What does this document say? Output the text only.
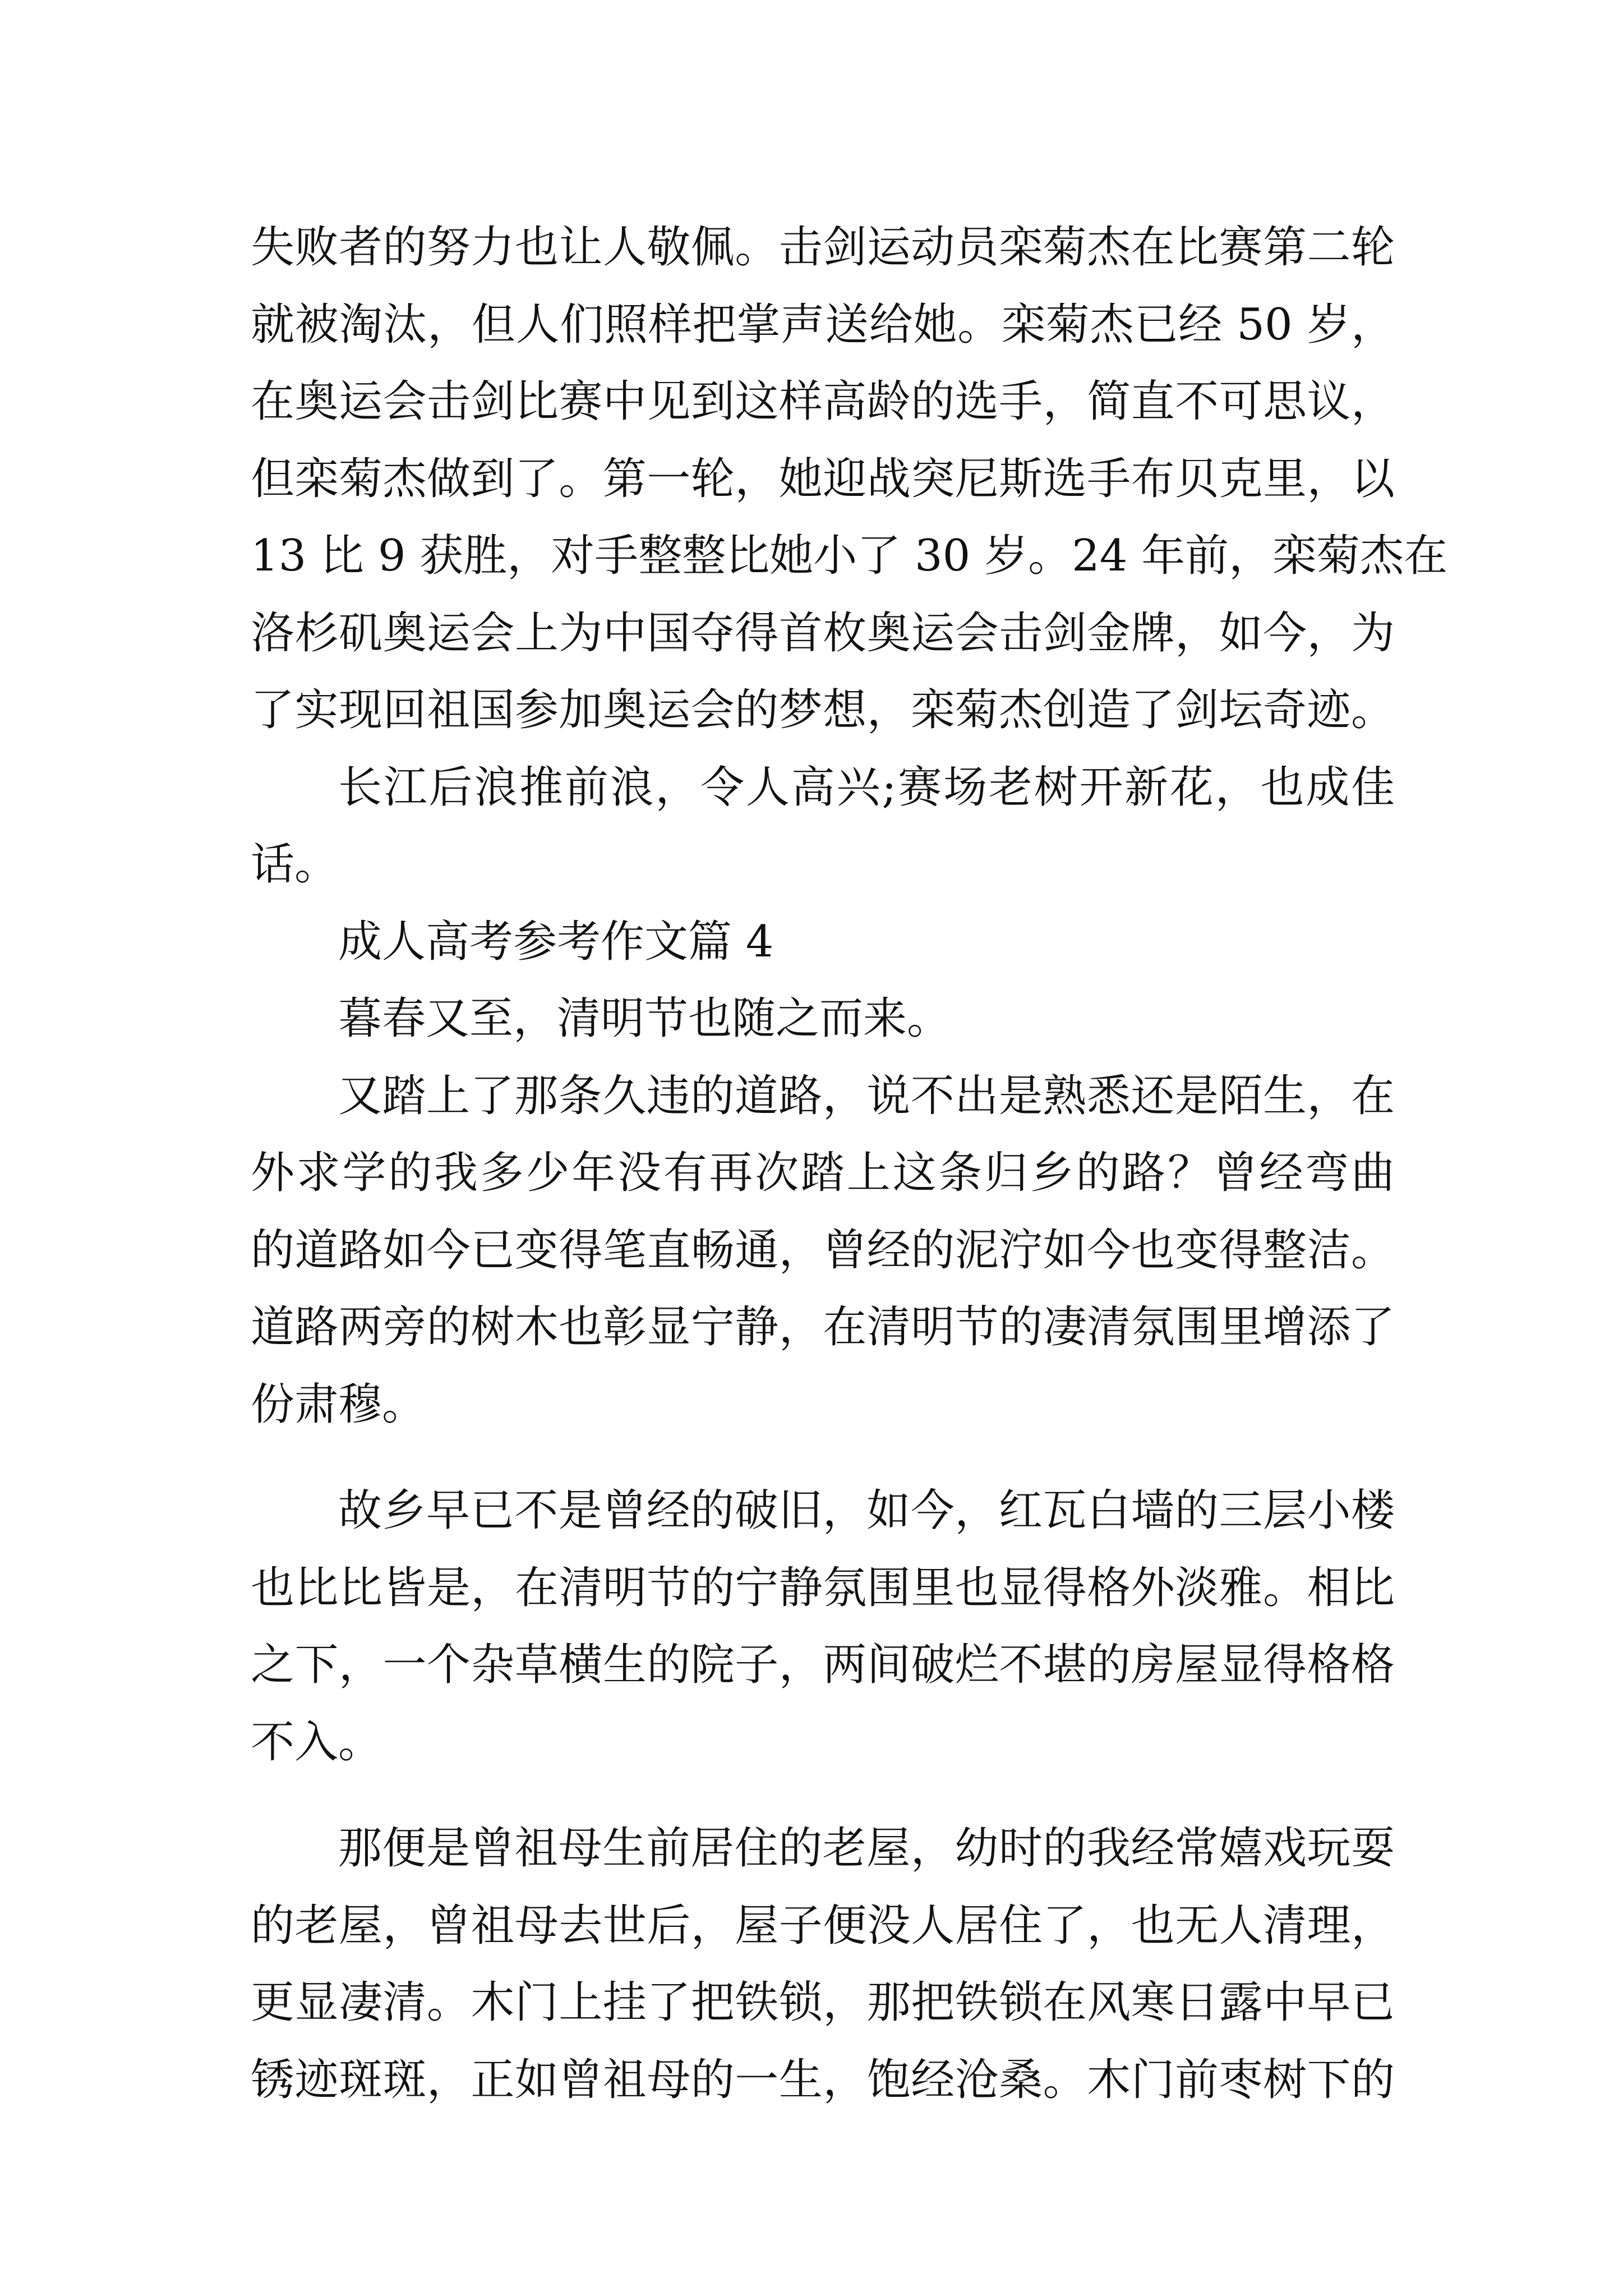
失败者的努力也让人敬佩。击剑运动员栾菊杰在比赛第二轮
就被淘汰，但人们照样把掌声送给她。栾菊杰已经 50 岁，
在奥运会击剑比赛中见到这样高龄的选手，简直不可思议，
但栾菊杰做到了。第一轮，她迎战突尼斯选手布贝克里，以
13 比 9 获胜，对手整整比她小了 30 岁。24 年前，栾菊杰在
洛杉矶奥运会上为中国夺得首枚奥运会击剑金牌，如今，为
了实现回祖国参加奥运会的梦想，栾菊杰创造了剑坛奇迹。
长江后浪推前浪，令人高兴;赛场老树开新花，也成佳
话。
成人高考参考作文篇 4
暮春又至，清明节也随之而来。
又踏上了那条久违的道路，说不出是熟悉还是陌生，在
外求学的我多少年没有再次踏上这条归乡的路？曾经弯曲
的道路如今已变得笔直畅通，曾经的泥泞如今也变得整洁。
道路两旁的树木也彰显宁静，在清明节的凄清氛围里增添了
份肃穆。
故乡早已不是曾经的破旧，如今，红瓦白墙的三层小楼
也比比皆是，在清明节的宁静氛围里也显得格外淡雅。相比
之下，一个杂草横生的院子，两间破烂不堪的房屋显得格格
不入。
那便是曾祖母生前居住的老屋，幼时的我经常嬉戏玩耍
的老屋，曾祖母去世后，屋子便没人居住了，也无人清理，
更显凄清。木门上挂了把铁锁，那把铁锁在风寒日露中早已
锈迹斑斑，正如曾祖母的一生，饱经沧桑。木门前枣树下的
